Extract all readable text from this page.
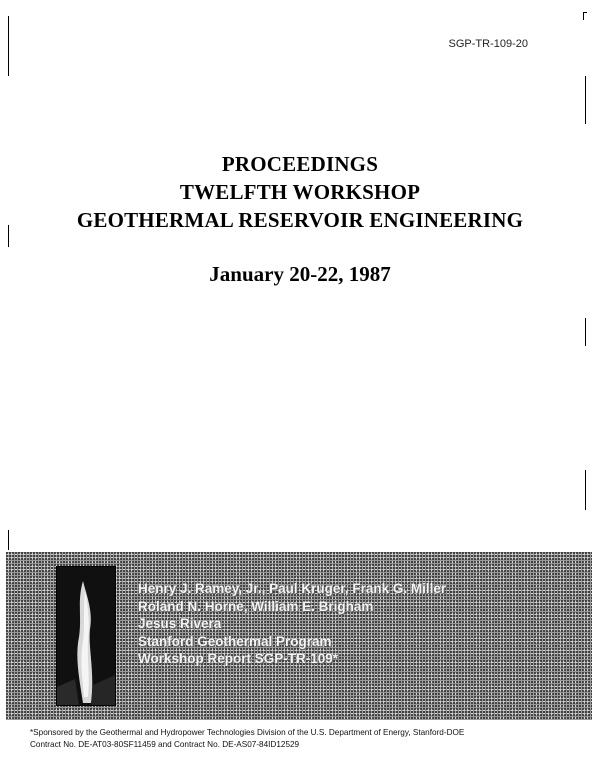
SGP-TR-109-20
PROCEEDINGS
TWELFTH WORKSHOP
GEOTHERMAL RESERVOIR ENGINEERING
January 20-22, 1987
Henry J. Ramey, Jr., Paul Kruger, Frank G. Miller
Roland N. Horne, William E. Brigham
Jesus Rivera
Stanford Geothermal Program
Workshop Report SGP-TR-109*
*Sponsored by the Geothermal and Hydropower Technologies Division of the U.S. Department of Energy, Stanford-DOE
Contract No. DE-AT03-80SF11459 and Contract No. DE-AS07-84ID12529
